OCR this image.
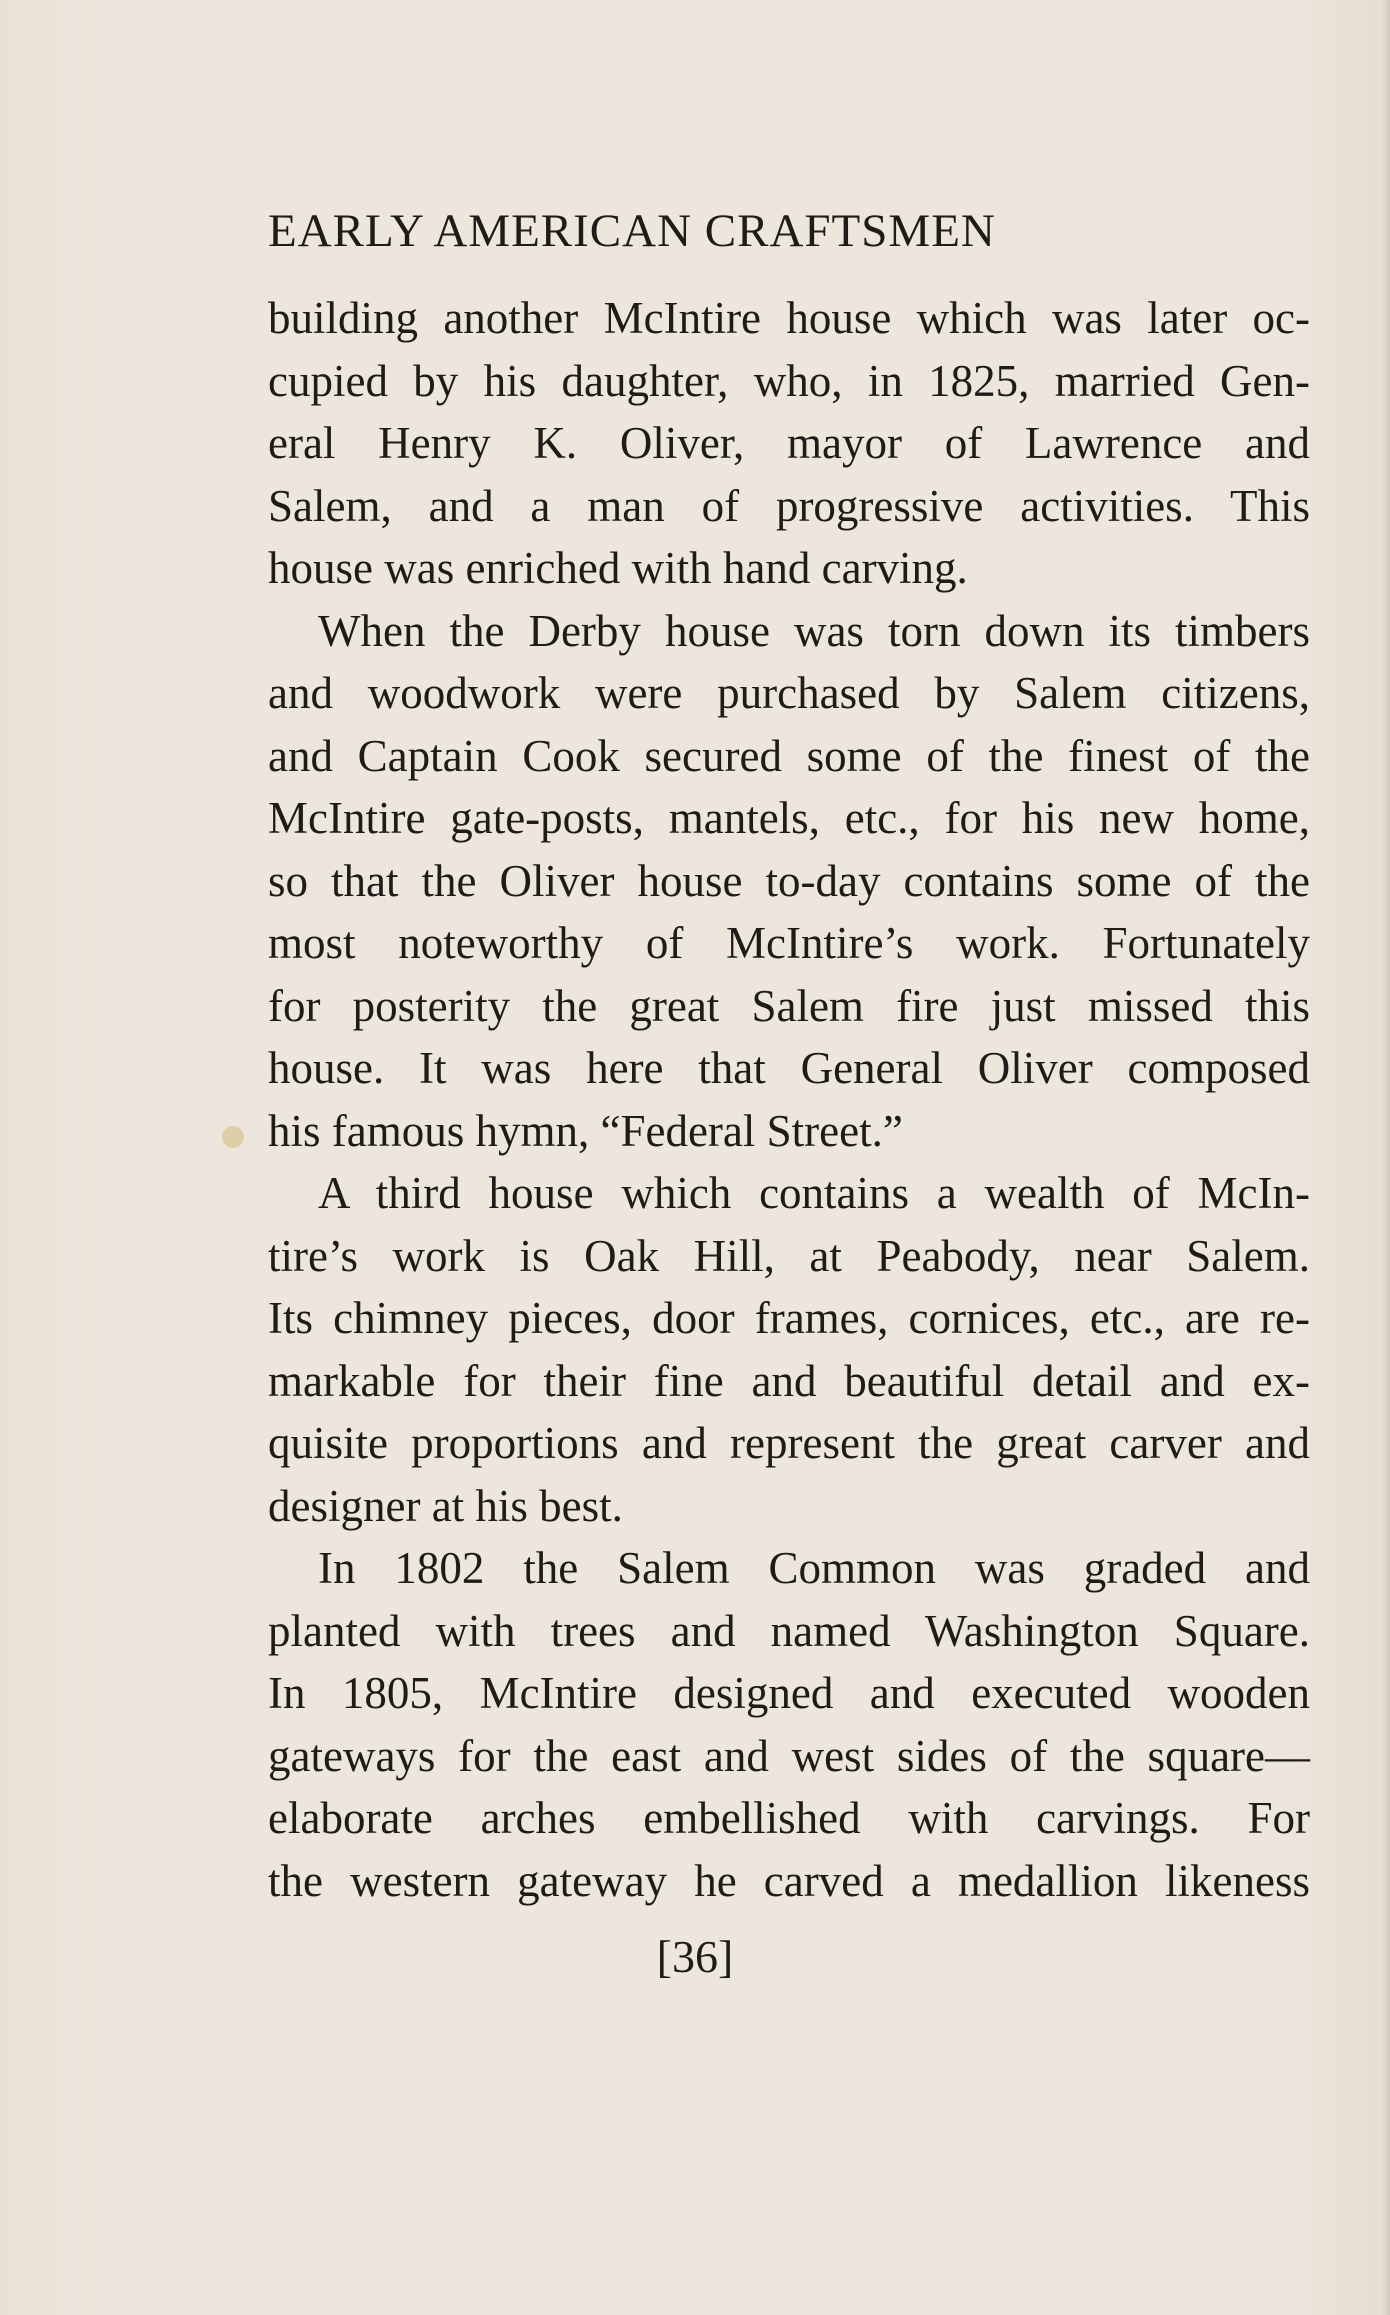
EARLY AMERICAN CRAFTSMEN
building another McIntire house which was later oc-
cupied by his daughter, who, in 1825, married Gen-
eral Henry K. Oliver, mayor of Lawrence and
Salem, and a man of progressive activities. This
house was enriched with hand carving.
When the Derby house was torn down its timbers
and woodwork were purchased by Salem citizens,
and Captain Cook secured some of the finest of the
McIntire gate-posts, mantels, etc., for his new home,
so that the Oliver house to-day contains some of the
most noteworthy of McIntire’s work. Fortunately
for posterity the great Salem fire just missed this
house. It was here that General Oliver composed
his famous hymn, “Federal Street.”
A third house which contains a wealth of McIn-
tire’s work is Oak Hill, at Peabody, near Salem.
Its chimney pieces, door frames, cornices, etc., are re-
markable for their fine and beautiful detail and ex-
quisite proportions and represent the great carver and
designer at his best.
In 1802 the Salem Common was graded and
planted with trees and named Washington Square.
In 1805, McIntire designed and executed wooden
gateways for the east and west sides of the square—
elaborate arches embellished with carvings. For
the western gateway he carved a medallion likeness
[36]
